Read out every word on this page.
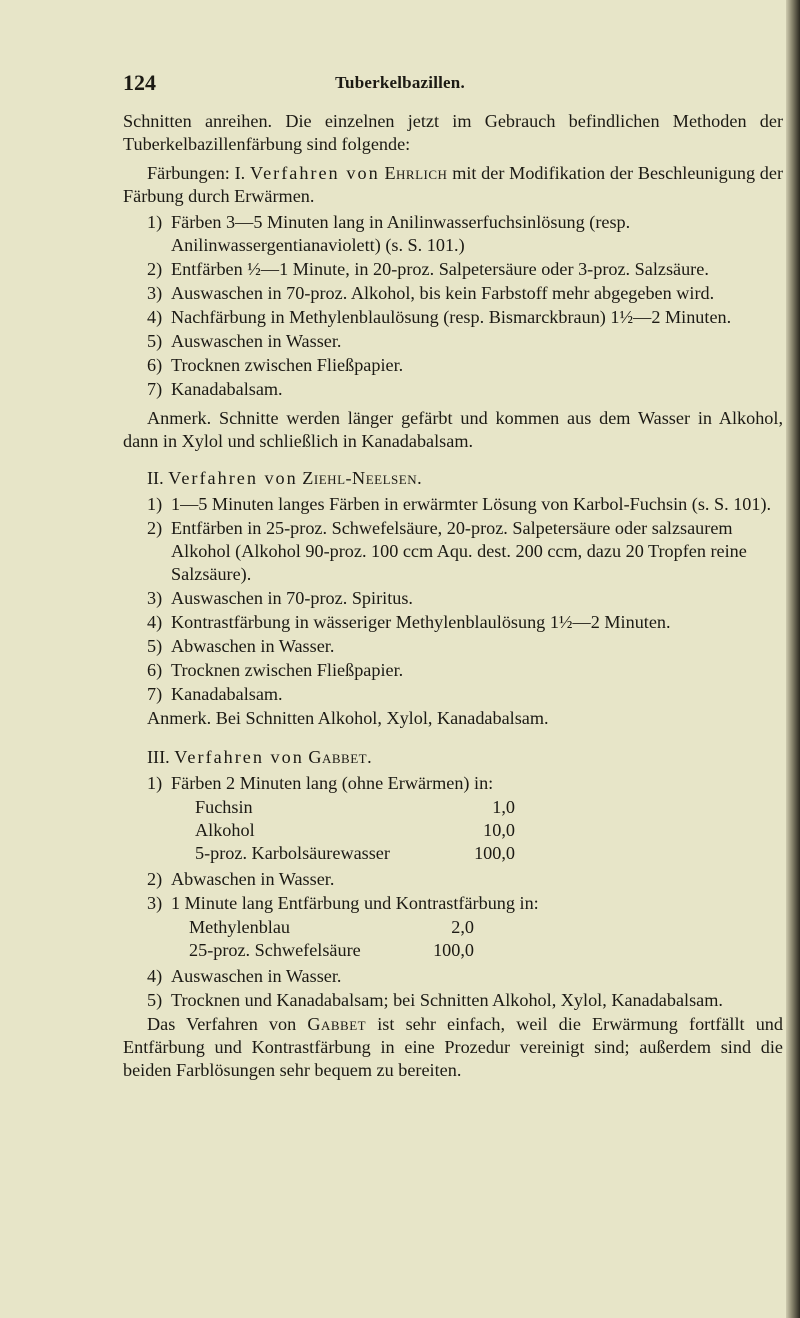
124	Tuberkelbazillen.

Schnitten anreihen. Die einzelnen jetzt im Gebrauch befindlichen Methoden der Tuberkelbazillenfärbung sind folgende:

Färbungen: I. Verfahren von Ehrlich mit der Modifikation der Beschleunigung der Färbung durch Erwärmen.

1) Färben 3—5 Minuten lang in Anilinwasserfuchsinlösung (resp. Anilinwassergentianaviolett) (s. S. 101.)
2) Entfärben ½—1 Minute, in 20-proz. Salpetersäure oder 3-proz. Salzsäure.
3) Auswaschen in 70-proz. Alkohol, bis kein Farbstoff mehr abgegeben wird.
4) Nachfärbung in Methylenblaulösung (resp. Bismarckbraun) 1½—2 Minuten.
5) Auswaschen in Wasser.
6) Trocknen zwischen Fließpapier.
7) Kanadabalsam.

Anmerk. Schnitte werden länger gefärbt und kommen aus dem Wasser in Alkohol, dann in Xylol und schließlich in Kanadabalsam.

II. Verfahren von Ziehl-Neelsen.

1) 1—5 Minuten langes Färben in erwärmter Lösung von Karbol-Fuchsin (s. S. 101).
2) Entfärben in 25-proz. Schwefelsäure, 20-proz. Salpetersäure oder salzsaurem Alkohol (Alkohol 90-proz. 100 ccm Aqu. dest. 200 ccm, dazu 20 Tropfen reine Salzsäure).
3) Auswaschen in 70-proz. Spiritus.
4) Kontrastfärbung in wässeriger Methylenblaulösung 1½—2 Minuten.
5) Abwaschen in Wasser.
6) Trocknen zwischen Fließpapier.
7) Kanadabalsam.

Anmerk. Bei Schnitten Alkohol, Xylol, Kanadabalsam.

III. Verfahren von Gabbet.

1) Färben 2 Minuten lang (ohne Erwärmen) in:
Fuchsin	1,0
Alkohol	10,0
5-proz. Karbolsäurewasser	100,0
2) Abwaschen in Wasser.
3) 1 Minute lang Entfärbung und Kontrastfärbung in:
Methylenblau	2,0
25-proz. Schwefelsäure	100,0
4) Auswaschen in Wasser.
5) Trocknen und Kanadabalsam; bei Schnitten Alkohol, Xylol, Kanadabalsam.

Das Verfahren von Gabbet ist sehr einfach, weil die Erwärmung fortfällt und Entfärbung und Kontrastfärbung in eine Prozedur vereinigt sind; außerdem sind die beiden Farblösungen sehr bequem zu bereiten.
